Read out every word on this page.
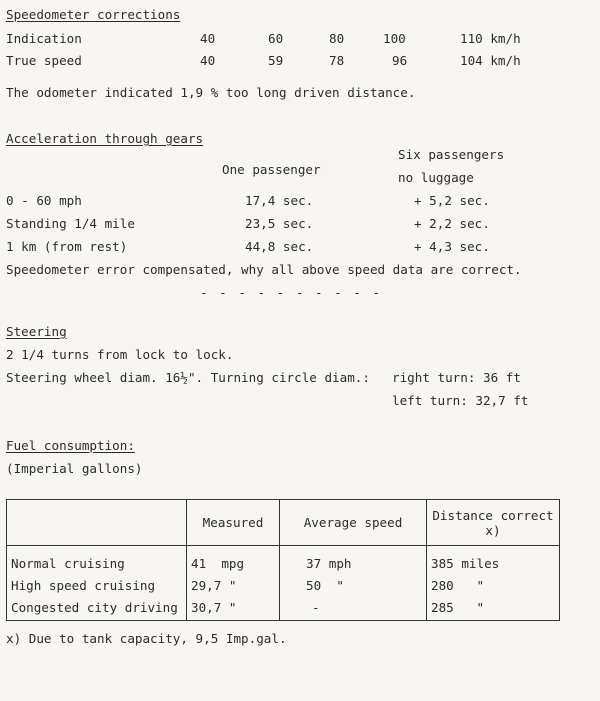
Speedometer corrections
Indication	40	60	80	100	110 km/h
True speed	40	59	78	96	104 km/h
The odometer indicated 1,9 % too long driven distance.
Acceleration through gears
Six passengers
One passenger
no luggage
0 - 60 mph	17,4 sec.	+ 5,2 sec.
Standing 1/4 mile	23,5 sec.	+ 2,2 sec.
1 km (from rest)	44,8 sec.	+ 4,3 sec.
Speedometer error compensated, why all above speed data are correct.
- - - - - - - - - -
Steering
2 1/4 turns from lock to lock.
Steering wheel diam. 16½". Turning circle diam.: right turn: 36 ft
left turn: 32,7 ft
Fuel consumption:
(Imperial gallons)
	Measured	Average speed	Distance correct x)
Normal cruising	41  mpg	37 mph	385 miles
High speed cruising	29,7 "	50  "	280   "
Congested city driving	30,7 "	-	285   "
x) Due to tank capacity, 9,5 Imp.gal.
